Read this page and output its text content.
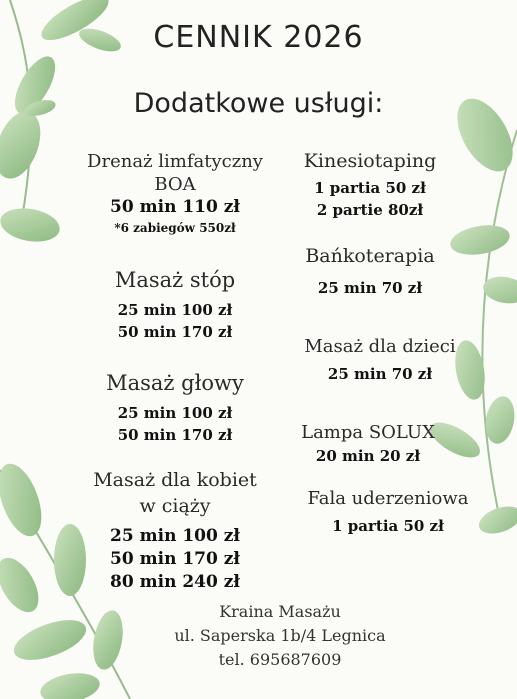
CENNIK 2026
Dodatkowe usługi:
Drenaż limfatyczny
BOA
50 min 110 zł
*6 zabiegów 550zł
Masaż stóp
25 min 100 zł
50 min 170 zł
Masaż głowy
25 min 100 zł
50 min 170 zł
Masaż dla kobiet
w ciąży
25 min 100 zł
50 min 170 zł
80 min 240 zł
Kinesiotaping
1 partia 50 zł
2 partie 80zł
Bańkoterapia
25 min 70 zł
Masaż dla dzieci
25 min 70 zł
Lampa SOLUX
20 min 20 zł
Fala uderzeniowa
1 partia 50 zł
Kraina Masażu
ul. Saperska 1b/4 Legnica
tel. 695687609
